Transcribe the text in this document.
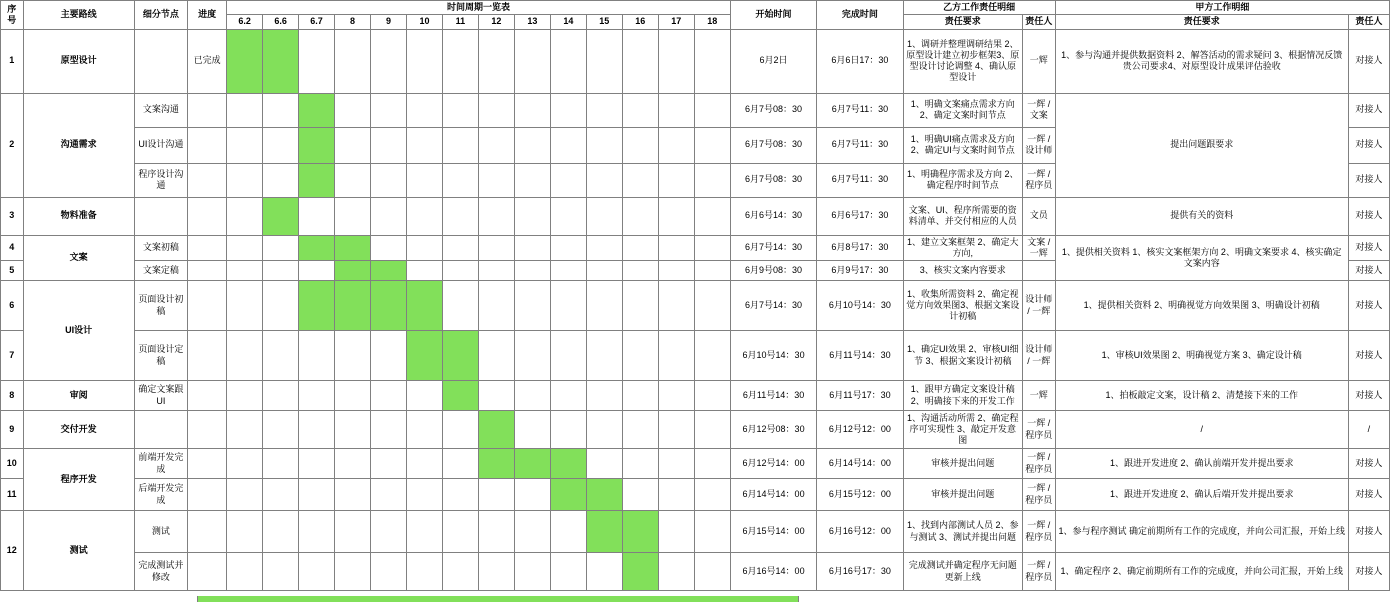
序号	主要路线	细分节点	进度	时间周期一览表														开始时间	完成时间	乙方工作责任明细		甲方工作明细	
				6.2	6.6	6.7	8	9	10	11	12	13	14	15	16	17	18			责任要求	责任人	责任要求	责任人
1	原型设计		已完成															6月2日	6月6日17：30	1、调研并整理调研结果 2、原型设计建立初步框架3、原型设计讨论调整 4、确认原型设计	一辉	1、参与沟通并提供数据资料 2、解答活动的需求疑问 3、根据情况反馈贵公司要求4、对原型设计成果评估验收	对接人
2	沟通需求	文案沟通																6月7号08：30	6月7号11：30	1、明确文案痛点需求方向 2、确定文案时间节点	一辉 / 文案	提出问题跟要求	对接人
		UI设计沟通																6月7号08：30	6月7号11：30	1、明确UI痛点需求及方向 2、确定UI与文案时间节点	一辉 / 设计师		对接人
		程序设计沟通																6月7号08：30	6月7号11：30	1、明确程序需求及方向 2、确定程序时间节点	一辉 / 程序员		对接人
3	物料准备																	6月6号14：30	6月6号17：30	文案、UI、程序所需要的资料清单、并交付相应的人员	文员	提供有关的资料	对接人
4	文案	文案初稿																6月7号14：30	6月8号17：30	1、建立文案框架 2、确定大方向,	文案 / 一辉	1、提供相关资料 1、核实文案框架方向 2、明确文案要求 4、核实确定文案内容	对接人
5		文案定稿																6月9号08：30	6月9号17：30	3、核实文案内容要求			对接人
6	UI设计	页面设计初稿																6月7号14：30	6月10号14：30	1、收集所需资料 2、确定视觉方向效果图3、根据文案设计初稿	设计师 / 一辉	1、提供相关资料 2、明确视觉方向效果图 3、明确设计初稿	对接人
7		页面设计定稿																6月10号14：30	6月11号14：30	1、确定UI效果 2、审核UI细节 3、根据文案设计初稿	设计师 / 一辉	1、审核UI效果图 2、明确视觉方案 3、确定设计稿	对接人
8	审阅	确定文案跟UI																6月11号14：30	6月11号17：30	1、跟甲方确定文案设计稿 2、明确接下来的开发工作	一辉	1、拍板敲定文案，设计稿 2、清楚接下来的工作	对接人
9	交付开发																	6月12号08：30	6月12号12：00	1、沟通活动所需 2、确定程序可实现性 3、敲定开发意图	一辉 / 程序员	/	/
10	程序开发	前端开发完成																6月12号14：00	6月14号14：00	审核并提出问题	一辉 / 程序员	1、跟进开发进度 2、确认前端开发并提出要求	对接人
11		后端开发完成																6月14号14：00	6月15号12：00	审核并提出问题	一辉 / 程序员	1、跟进开发进度 2、确认后端开发并提出要求	对接人
12	测试	测试																6月15号14：00	6月16号12：00	1、找到内部测试人员 2、参与测试 3、测试并提出问题	一辉 / 程序员	1、参与程序测试 确定前期所有工作的完成度，并向公司汇报，开始上线	对接人
		完成测试并修改																6月16号14：00	6月16号17：30	完成测试并确定程序无问题更新上线	一辉 / 程序员	1、确定程序 2、确定前期所有工作的完成度，并向公司汇报，开始上线	对接人
